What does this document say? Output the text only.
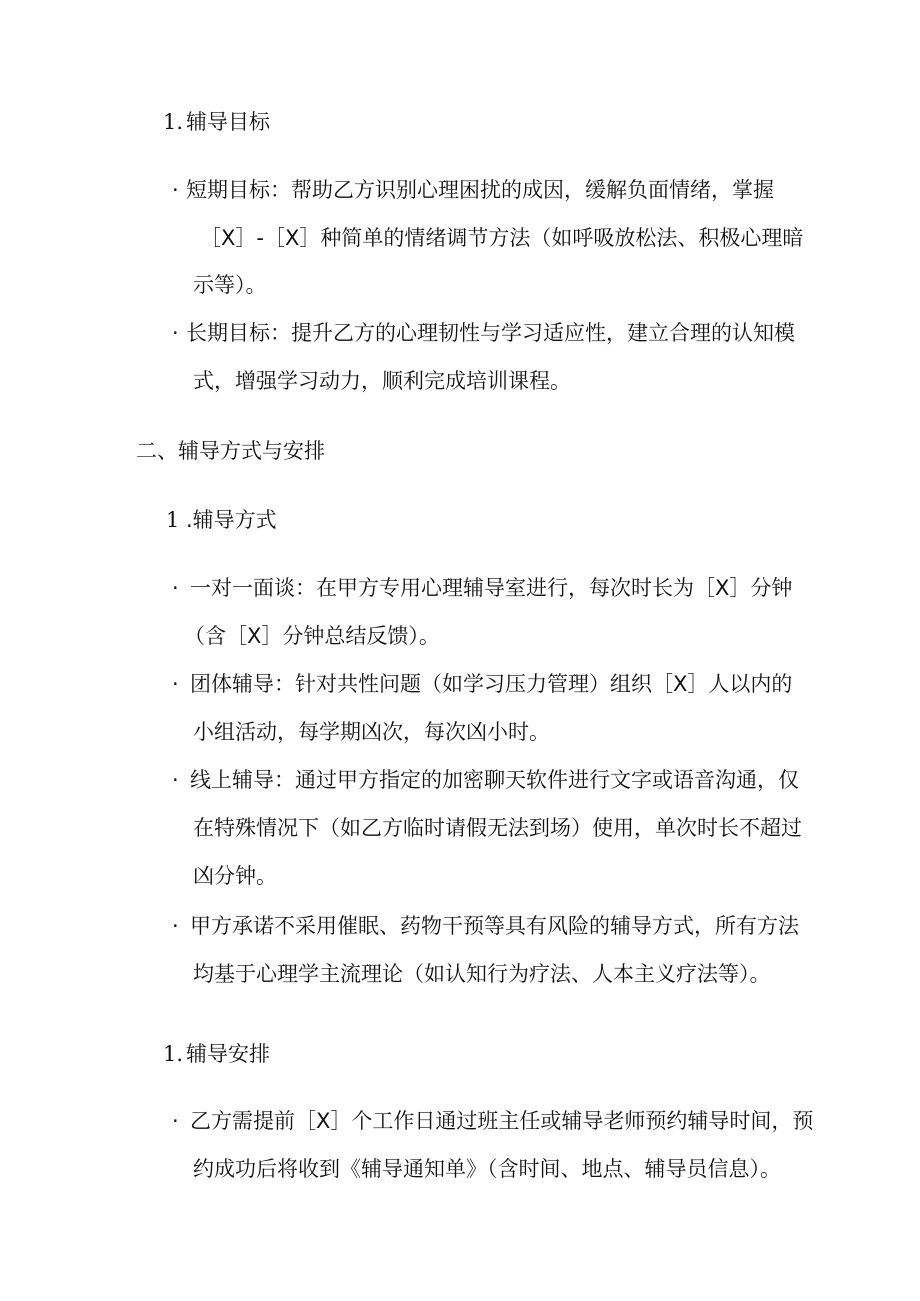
1. 辅导目标
· 短期目标：帮助乙方识别心理困扰的成因，缓解负面情绪，掌握

［X］-［X］种简单的情绪调节方法（如呼吸放松法、积极心理暗

示等）。

· 长期目标：提升乙方的心理韧性与学习适应性，建立合理的认知模

式，增强学习动力，顺利完成培训课程。

二、辅导方式与安排
1 .辅导方式
· 一对一面谈：在甲方专用心理辅导室进行，每次时长为［X］分钟

（含［X］分钟总结反馈）。

· 团体辅导：针对共性问题（如学习压力管理）组织［X］人以内的

小组活动，每学期凶次，每次凶小时。

· 线上辅导：通过甲方指定的加密聊天软件进行文字或语音沟通，仅

在特殊情况下（如乙方临时请假无法到场）使用，单次时长不超过

凶分钟。

· 甲方承诺不采用催眠、药物干预等具有风险的辅导方式，所有方法

均基于心理学主流理论（如认知行为疗法、人本主义疗法等）。

1. 辅导安排
· 乙方需提前［X］个工作日通过班主任或辅导老师预约辅导时间，预

约成功后将收到《辅导通知单》（含时间、地点、辅导员信息）。
